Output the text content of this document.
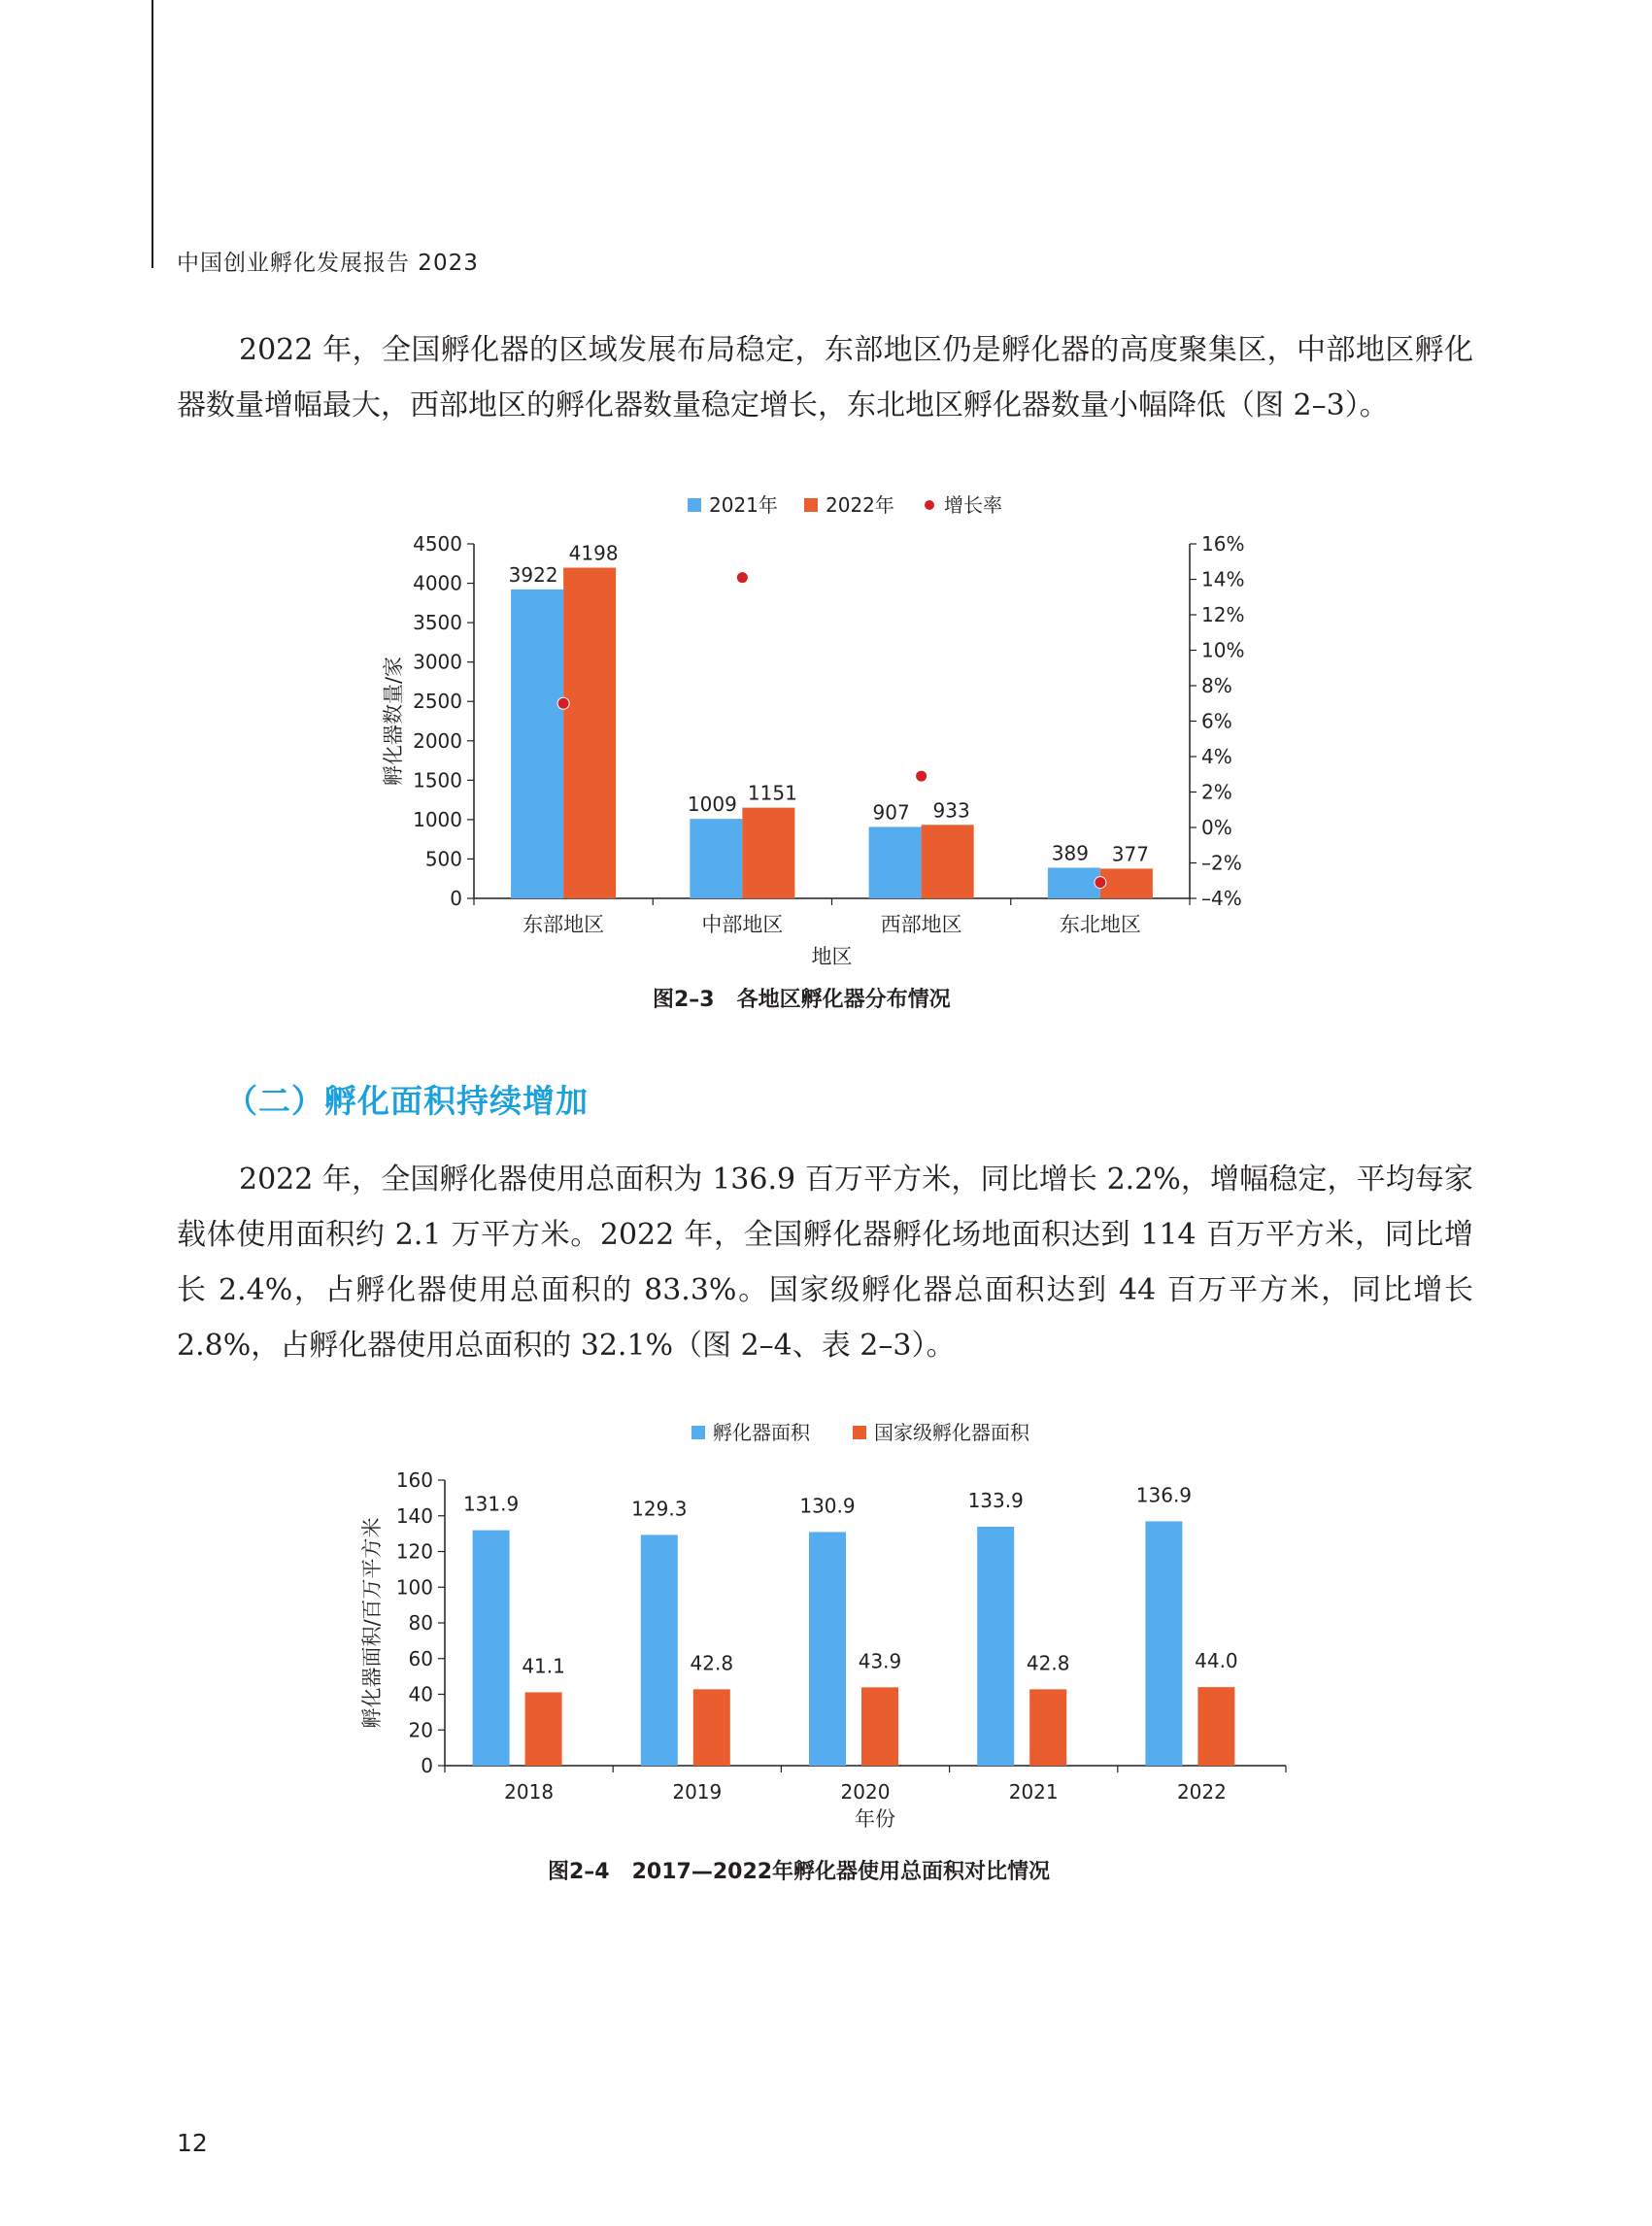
中国创业孵化发展报告 2023

2022 年，全国孵化器的区域发展布局稳定，东部地区仍是孵化器的高度聚集区，中部地区孵化器数量增幅最大，西部地区的孵化器数量稳定增长，东北地区孵化器数量小幅降低（图 2–3）。

2021年 2022年	增长率
0
500
1000
1500
2000
2500
3000
3500
4000
4500
–4%
–2%
0%
2%
4%
6%
8%
10%
12%
14%
16%
孵化器数量/家
3922
4198
东部地区
1009 1151
中部地区
907 933
西部地区
389 377
东北地区
地区
图2–3   各地区孵化器分布情况
（二）孵化面积持续增加

2022 年，全国孵化器使用总面积为 136.9 百万平方米，同比增长 2.2%，增幅稳定，平均每家载体使用面积约 2.1 万平方米。2022 年，全国孵化器孵化场地面积达到 114 百万平方米，同比增长 2.4%，占孵化器使用总面积的 83.3%。国家级孵化器总面积达到 44 百万平方米，同比增长 2.8%，占孵化器使用总面积的 32.1%（图 2–4、表 2–3）。

孵化器面积	国家级孵化器面积
0
20
40
60
80
100
120
140
160
孵化器面积/百万平方米
131.9
41.1
2018
129.3
42.8
2019
130.9
43.9
2020
133.9
42.8
2021
136.9
44.0
2022
年份
图2–4   2017—2022年孵化器使用总面积对比情况
12
